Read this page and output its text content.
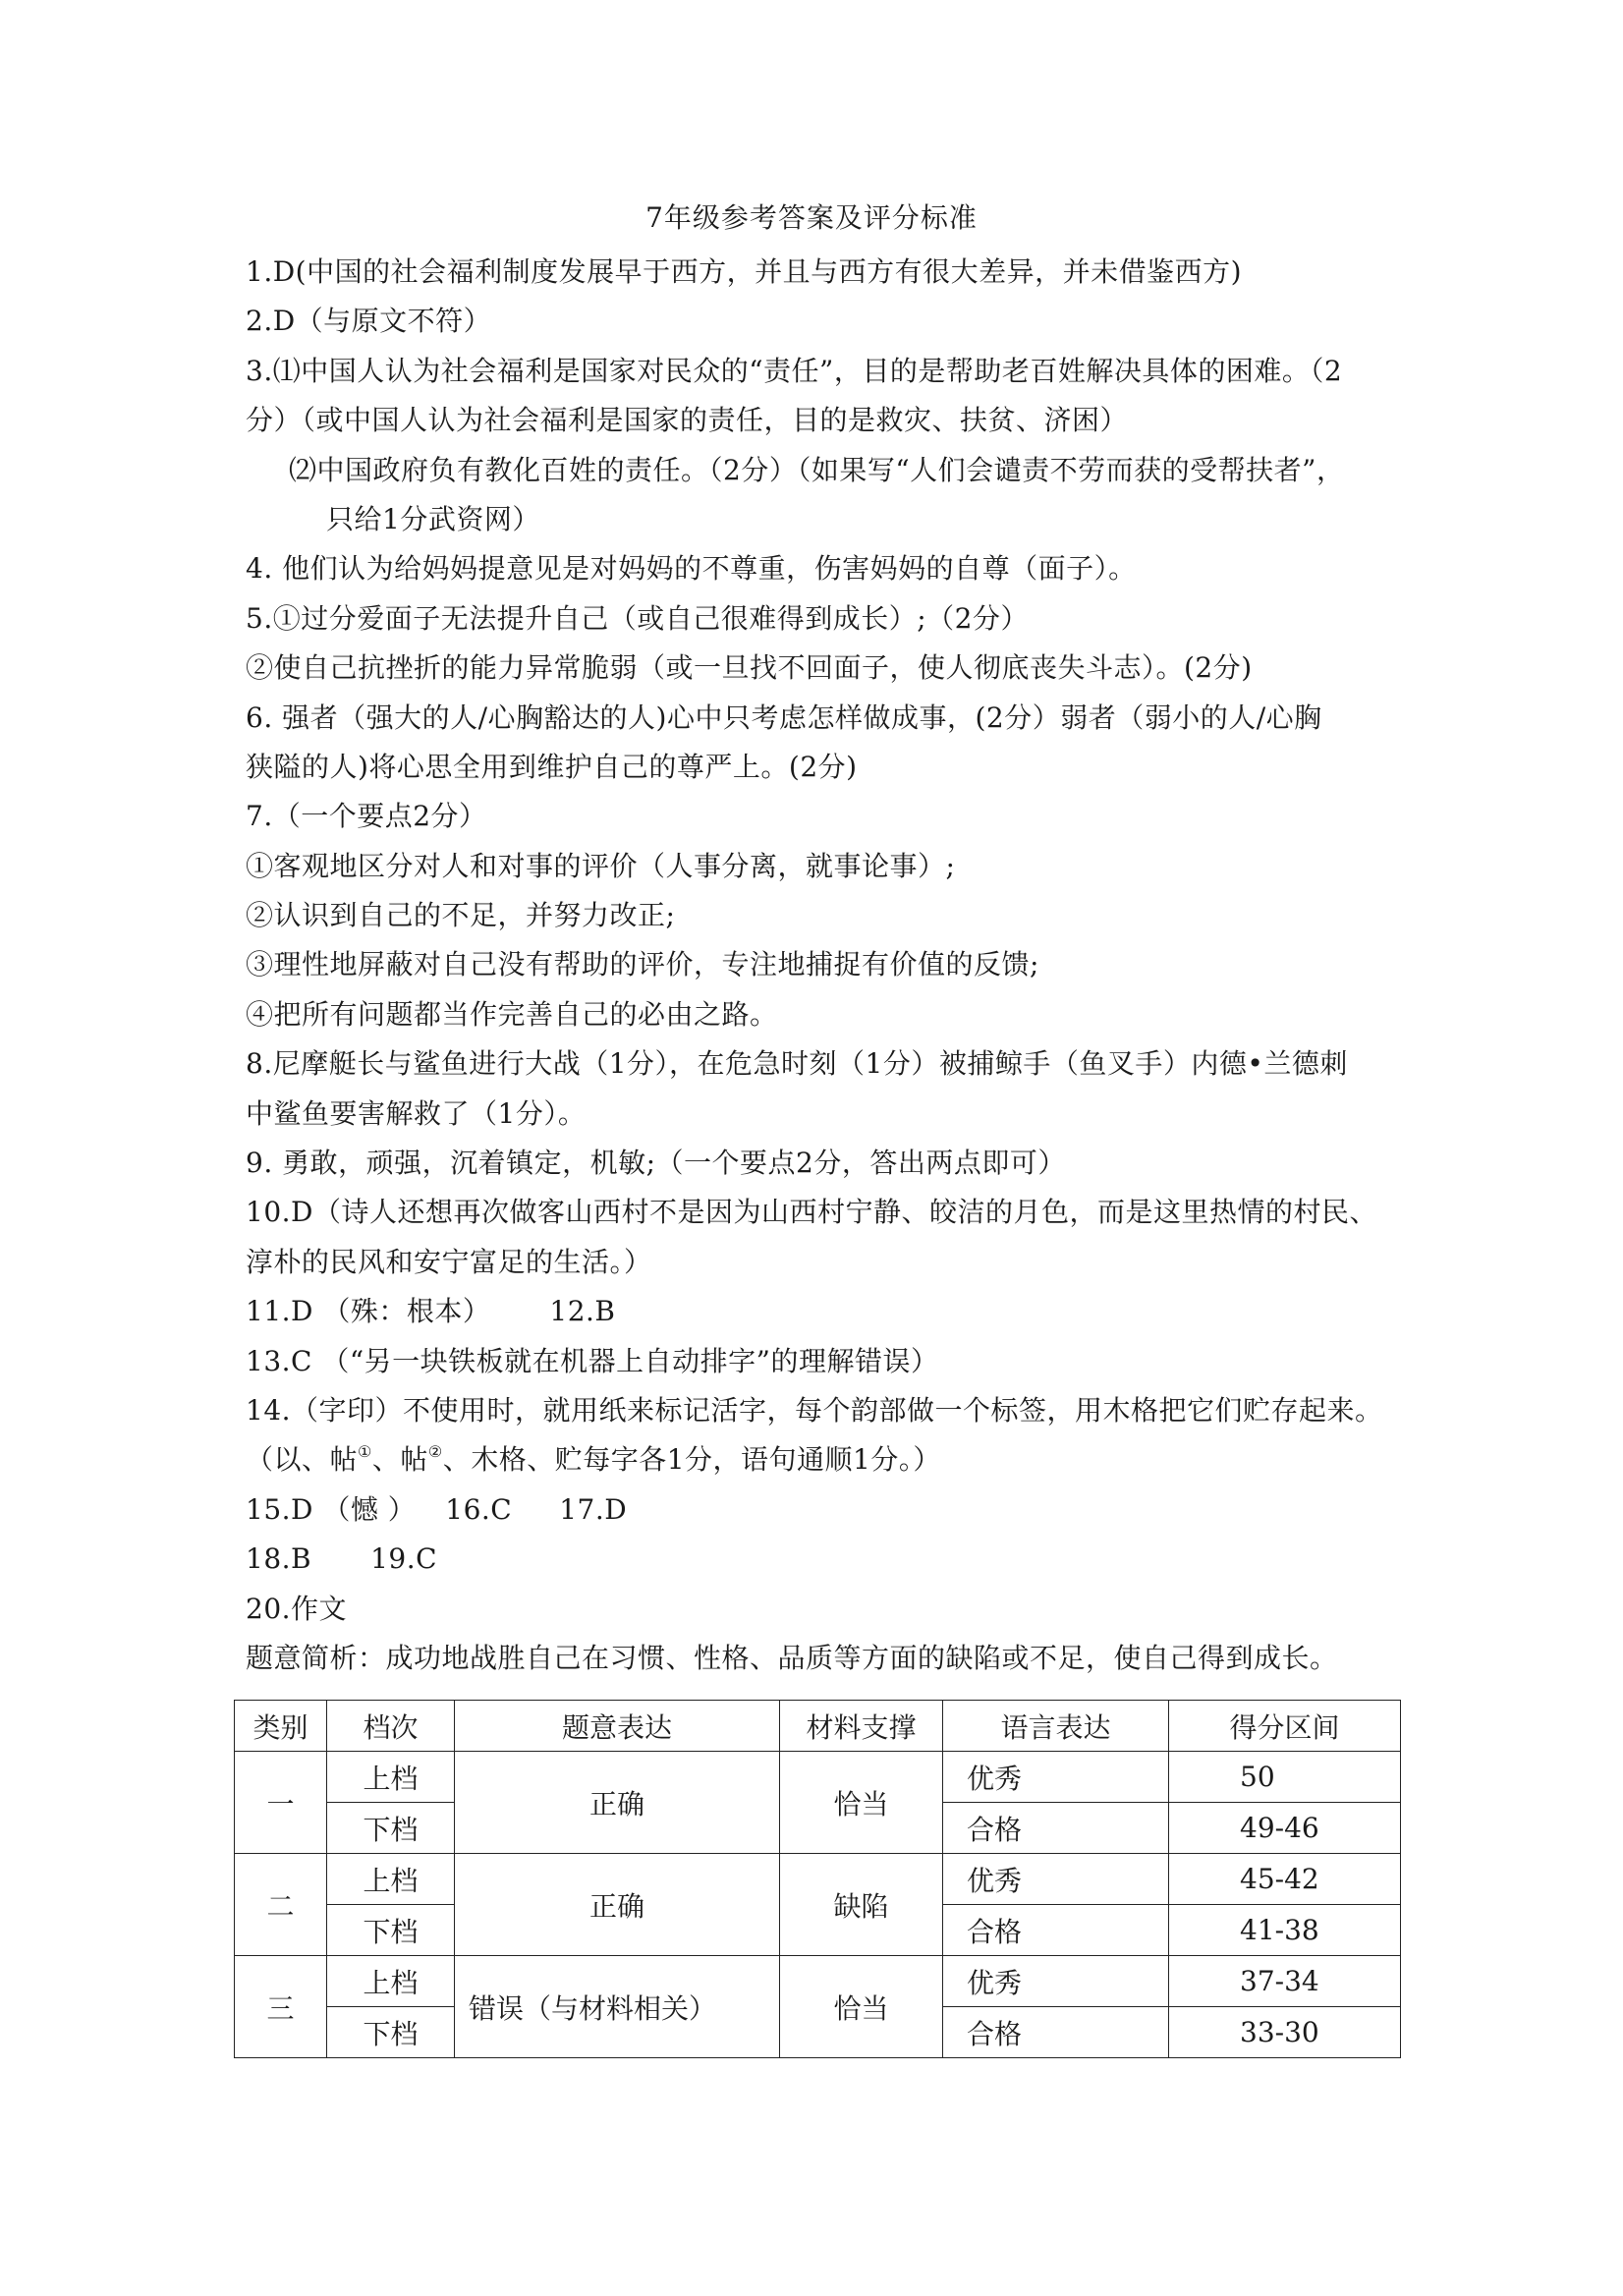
7年级参考答案及评分标准
1.D(中国的社会福利制度发展早于西方，并且与西方有很大差异，并未借鉴西方)
2.D（与原文不符）
3.⑴中国人认为社会福利是国家对民众的“责任”，目的是帮助老百姓解决具体的困难。（2
分）（或中国人认为社会福利是国家的责任，目的是救灾、扶贫、济困）
⑵中国政府负有教化百姓的责任。（2分）（如果写“人们会谴责不劳而获的受帮扶者”，
只给1分武资网）
4. 他们认为给妈妈提意见是对妈妈的不尊重，伤害妈妈的自尊（面子）。
5.①过分爱面子无法提升自己（或自己很难得到成长）;（2分）
②使自己抗挫折的能力异常脆弱（或一旦找不回面子，使人彻底丧失斗志）。(2分)
6. 强者（强大的人/心胸豁达的人)心中只考虑怎样做成事，(2分）弱者（弱小的人/心胸
狭隘的人)将心思全用到维护自己的尊严上。(2分)
7.（一个要点2分）
①客观地区分对人和对事的评价（人事分离，就事论事）;
②认识到自己的不足，并努力改正;
③理性地屏蔽对自己没有帮助的评价，专注地捕捉有价值的反馈;
④把所有问题都当作完善自己的必由之路。
8.尼摩艇长与鲨鱼进行大战（1分），在危急时刻（1分）被捕鲸手（鱼叉手）内德•兰德刺
中鲨鱼要害解救了（1分）。
9. 勇敢，顽强，沉着镇定，机敏;（一个要点2分，答出两点即可）
10.D（诗人还想再次做客山西村不是因为山西村宁静、皎洁的月色，而是这里热情的村民、
淳朴的民风和安宁富足的生活。）
11.D （殊：根本） 12.B
13.C （“另一块铁板就在机器上自动排字”的理解错误）
14.（字印）不使用时，就用纸来标记活字，每个韵部做一个标签，用木格把它们贮存起来。
（以、帖①、帖②、木格、贮每字各1分，语句通顺1分。）
15.D （憾 ） 16.C 17.D
18.B 19.C
20.作文
题意简析：成功地战胜自己在习惯、性格、品质等方面的缺陷或不足，使自己得到成长。
类别	档次	题意表达	材料支撑	语言表达	得分区间
一	上档	正确	恰当	优秀	50
	下档			合格	49-46
二	上档	正确	缺陷	优秀	45-42
	下档			合格	41-38
三	上档	错误（与材料相关）	恰当	优秀	37-34
	下档			合格	33-30
